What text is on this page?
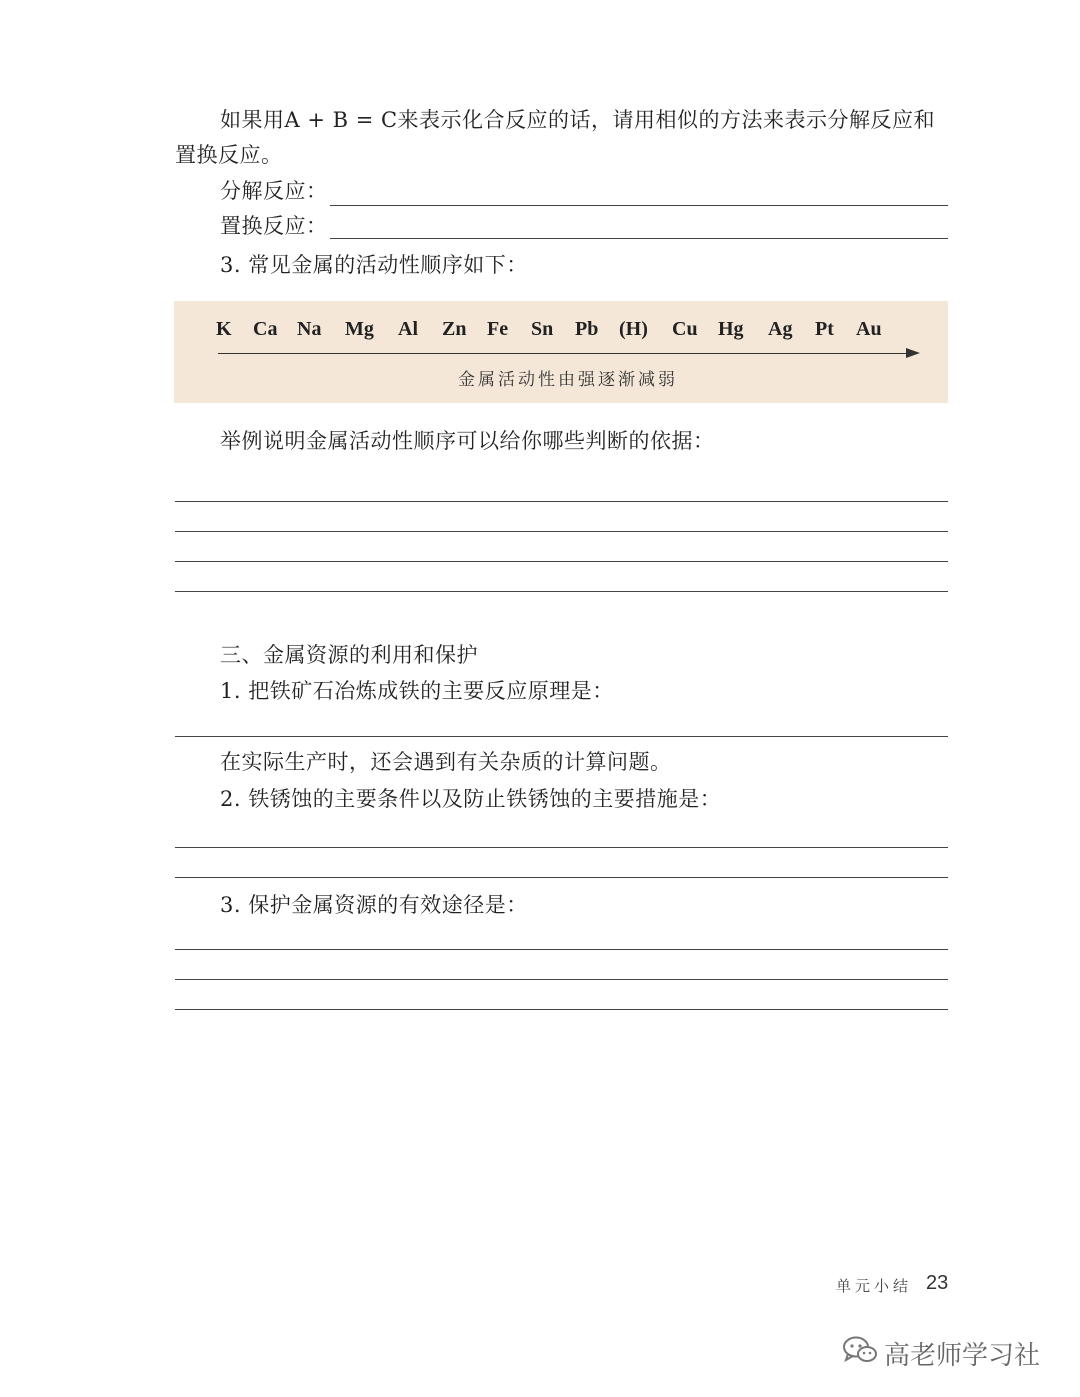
如果用A + B = C来表示化合反应的话，请用相似的方法来表示分解反应和
置换反应。
分解反应：
置换反应：
3. 常见金属的活动性顺序如下：
K Ca Na Mg Al Zn Fe Sn Pb (H) Cu Hg Ag Pt Au
金属活动性由强逐渐减弱
举例说明金属活动性顺序可以给你哪些判断的依据：
三、金属资源的利用和保护
1. 把铁矿石冶炼成铁的主要反应原理是：
在实际生产时，还会遇到有关杂质的计算问题。
2. 铁锈蚀的主要条件以及防止铁锈蚀的主要措施是：
3. 保护金属资源的有效途径是：
单元小结 23
高老师学习社
